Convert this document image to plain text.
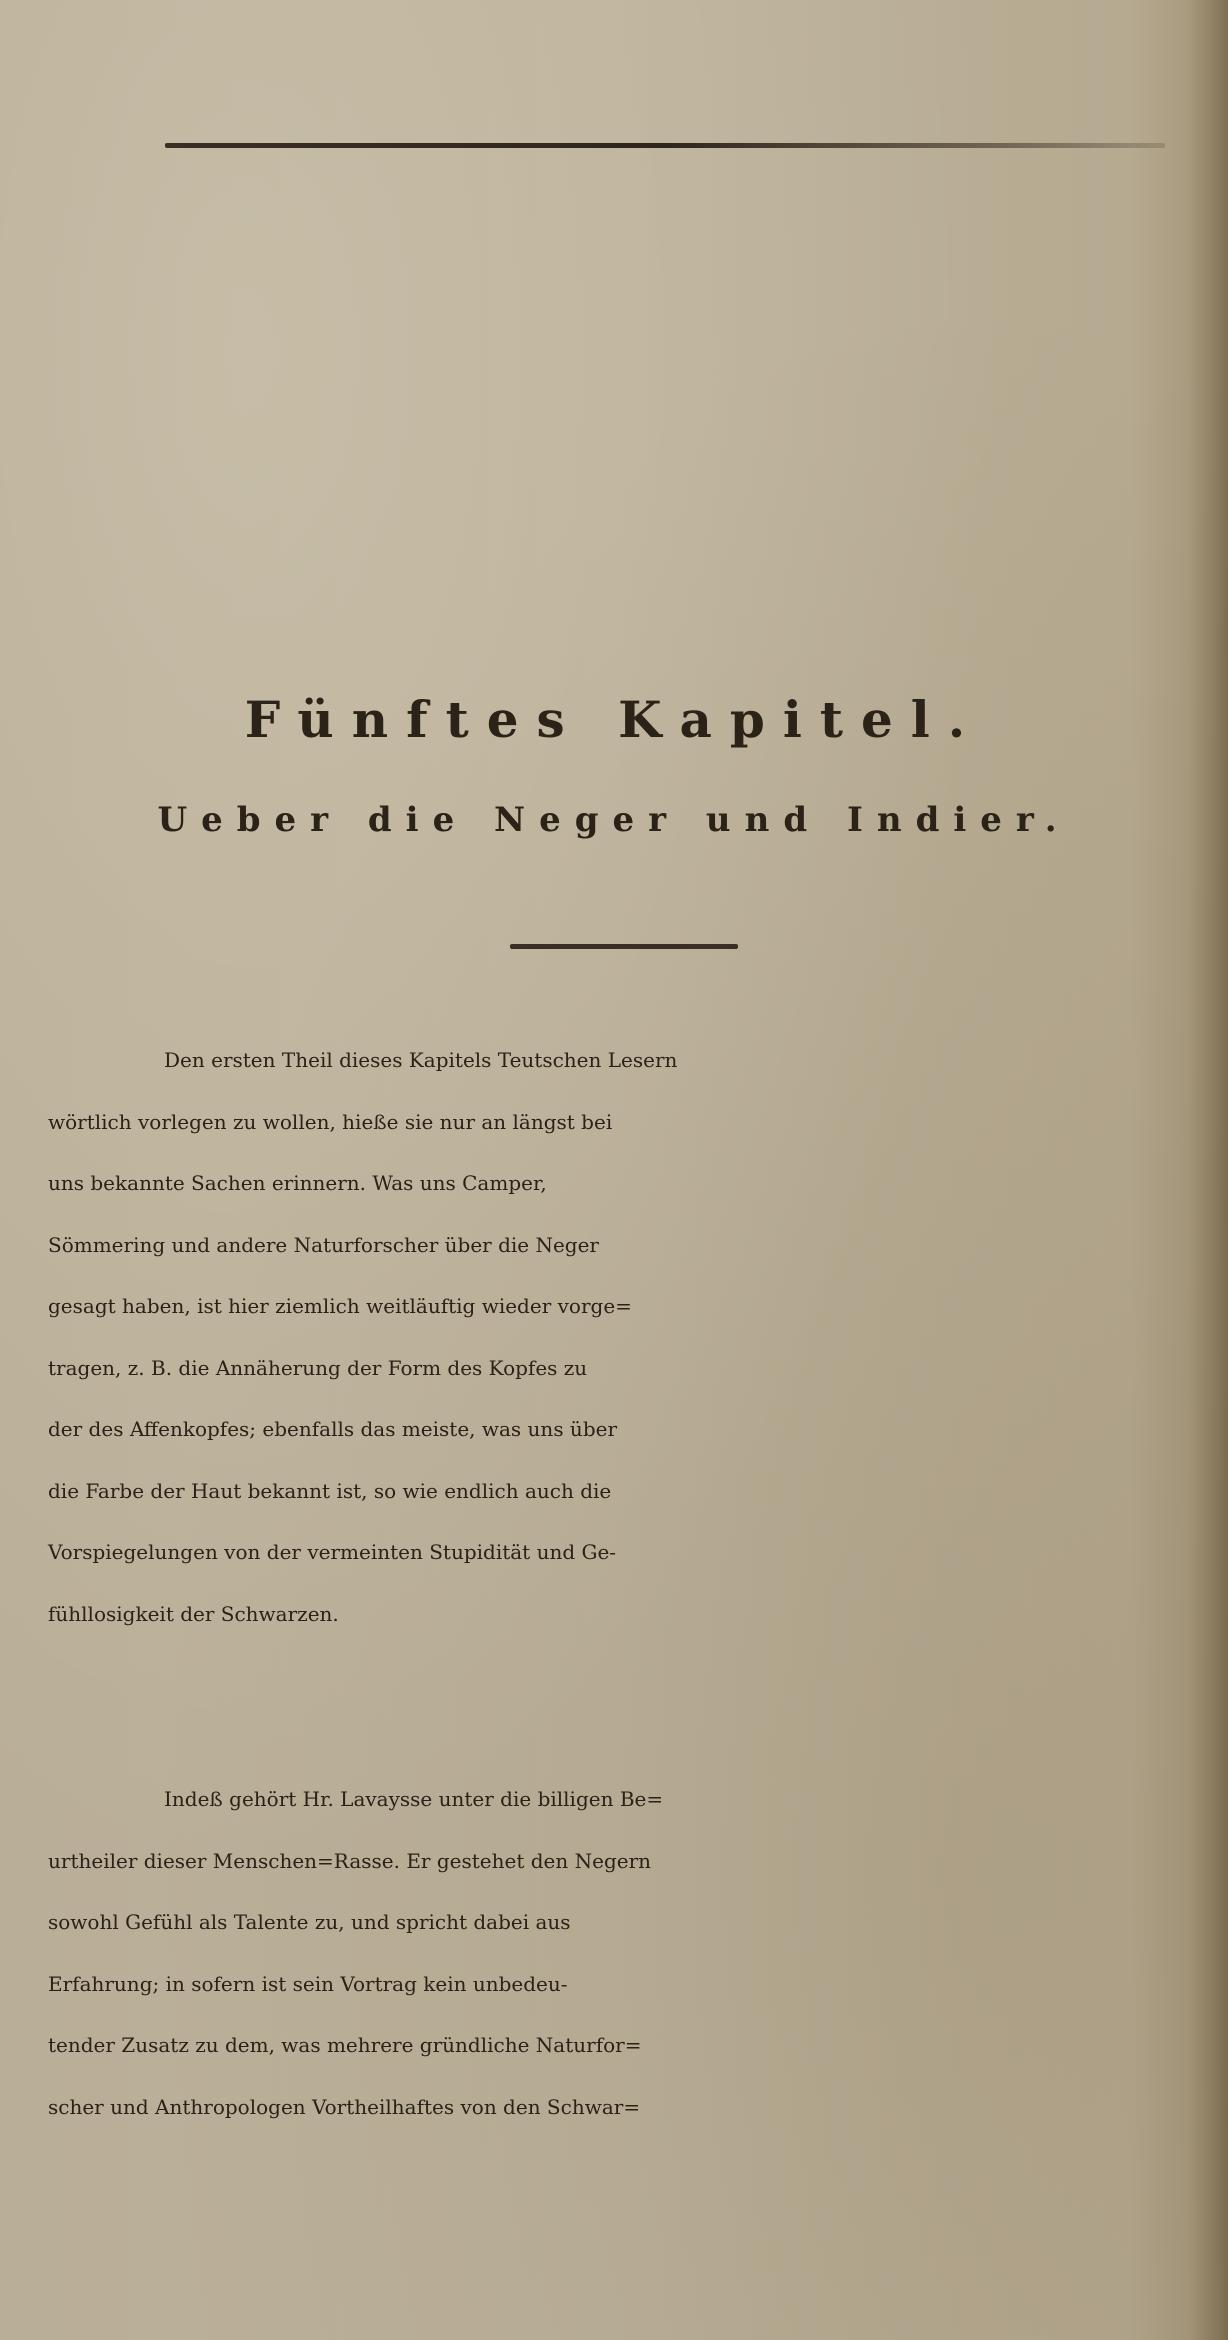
Fünftes Kapitel.
Ueber die Neger und Indier.
Den ersten Theil dieses Kapitels Teutschen Lesern
wörtlich vorlegen zu wollen, hieße sie nur an längst bei
uns bekannte Sachen erinnern. Was uns Camper,
Sömmering und andere Naturforscher über die Neger
gesagt haben, ist hier ziemlich weitläuftig wieder vorge=
tragen, z. B. die Annäherung der Form des Kopfes zu
der des Affenkopfes; ebenfalls das meiste, was uns über
die Farbe der Haut bekannt ist, so wie endlich auch die
Vorspiegelungen von der vermeinten Stupidität und Ge-
fühllosigkeit der Schwarzen.
Indeß gehört Hr. Lavaysse unter die billigen Be=
urtheiler dieser Menschen=Rasse. Er gestehet den Negern
sowohl Gefühl als Talente zu, und spricht dabei aus
Erfahrung; in sofern ist sein Vortrag kein unbedeu-
tender Zusatz zu dem, was mehrere gründliche Naturfor=
scher und Anthropologen Vortheilhaftes von den Schwar=
